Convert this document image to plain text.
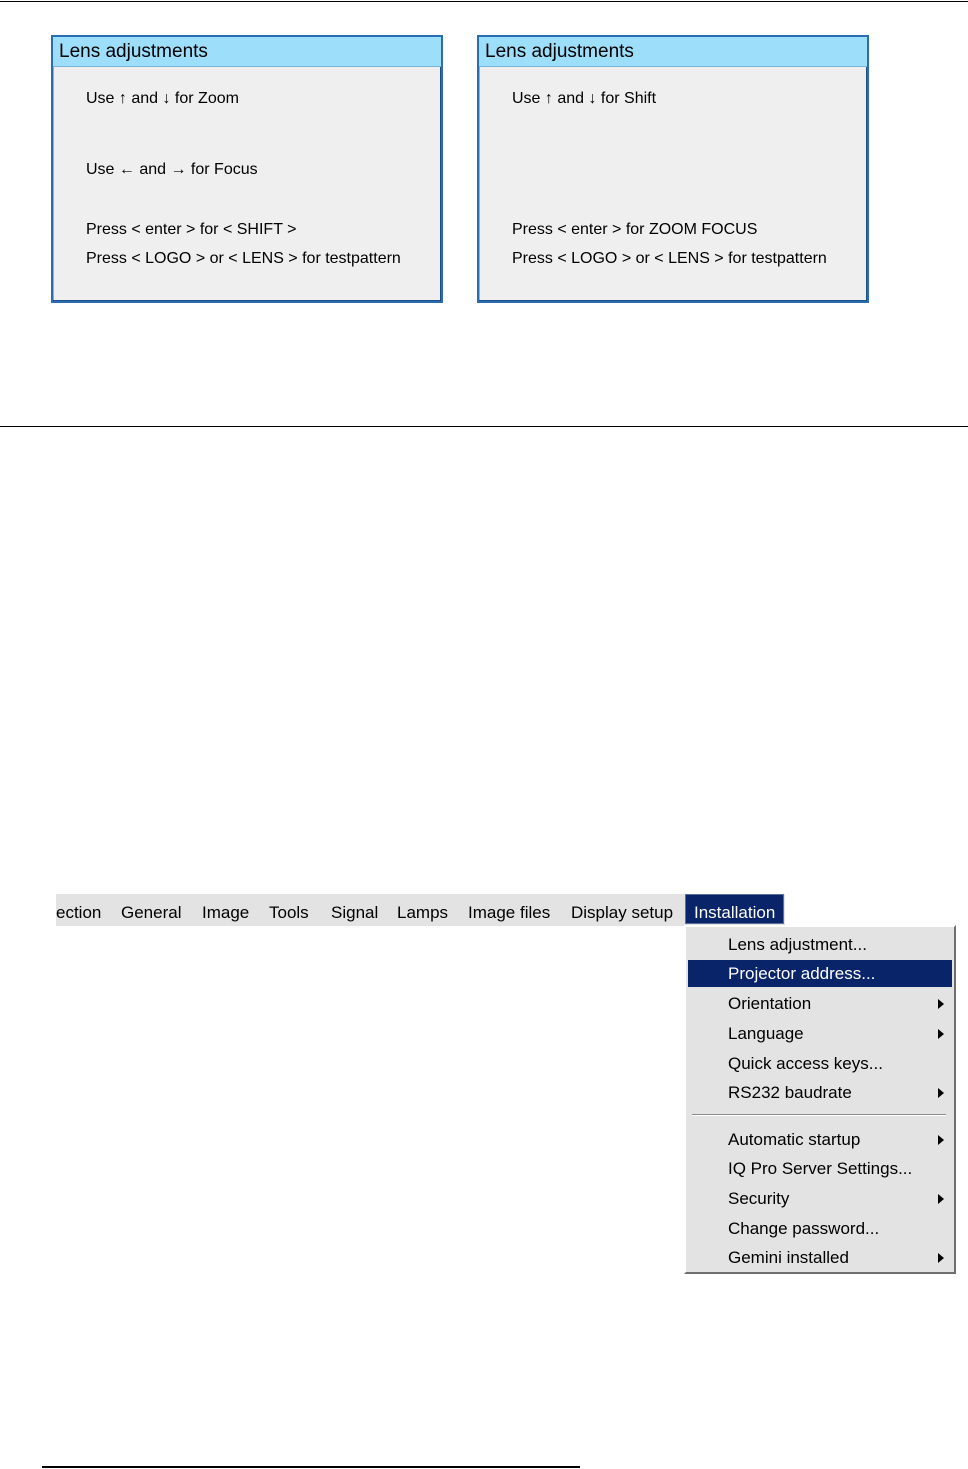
Lens adjustments
Use ↑ and ↓ for Zoom
Use ← and → for Focus
Press < enter > for < SHIFT >
Press < LOGO > or < LENS > for testpattern
Lens adjustments
Use ↑ and ↓ for Shift
Press < enter > for ZOOM FOCUS
Press < LOGO > or < LENS > for testpattern
ection General Image Tools Signal Lamps Image files Display setup	Installation
Lens adjustment...
Projector address...
Orientation
Language
Quick access keys...
RS232 baudrate
Automatic startup
IQ Pro Server Settings...
Security
Change password...
Gemini installed
